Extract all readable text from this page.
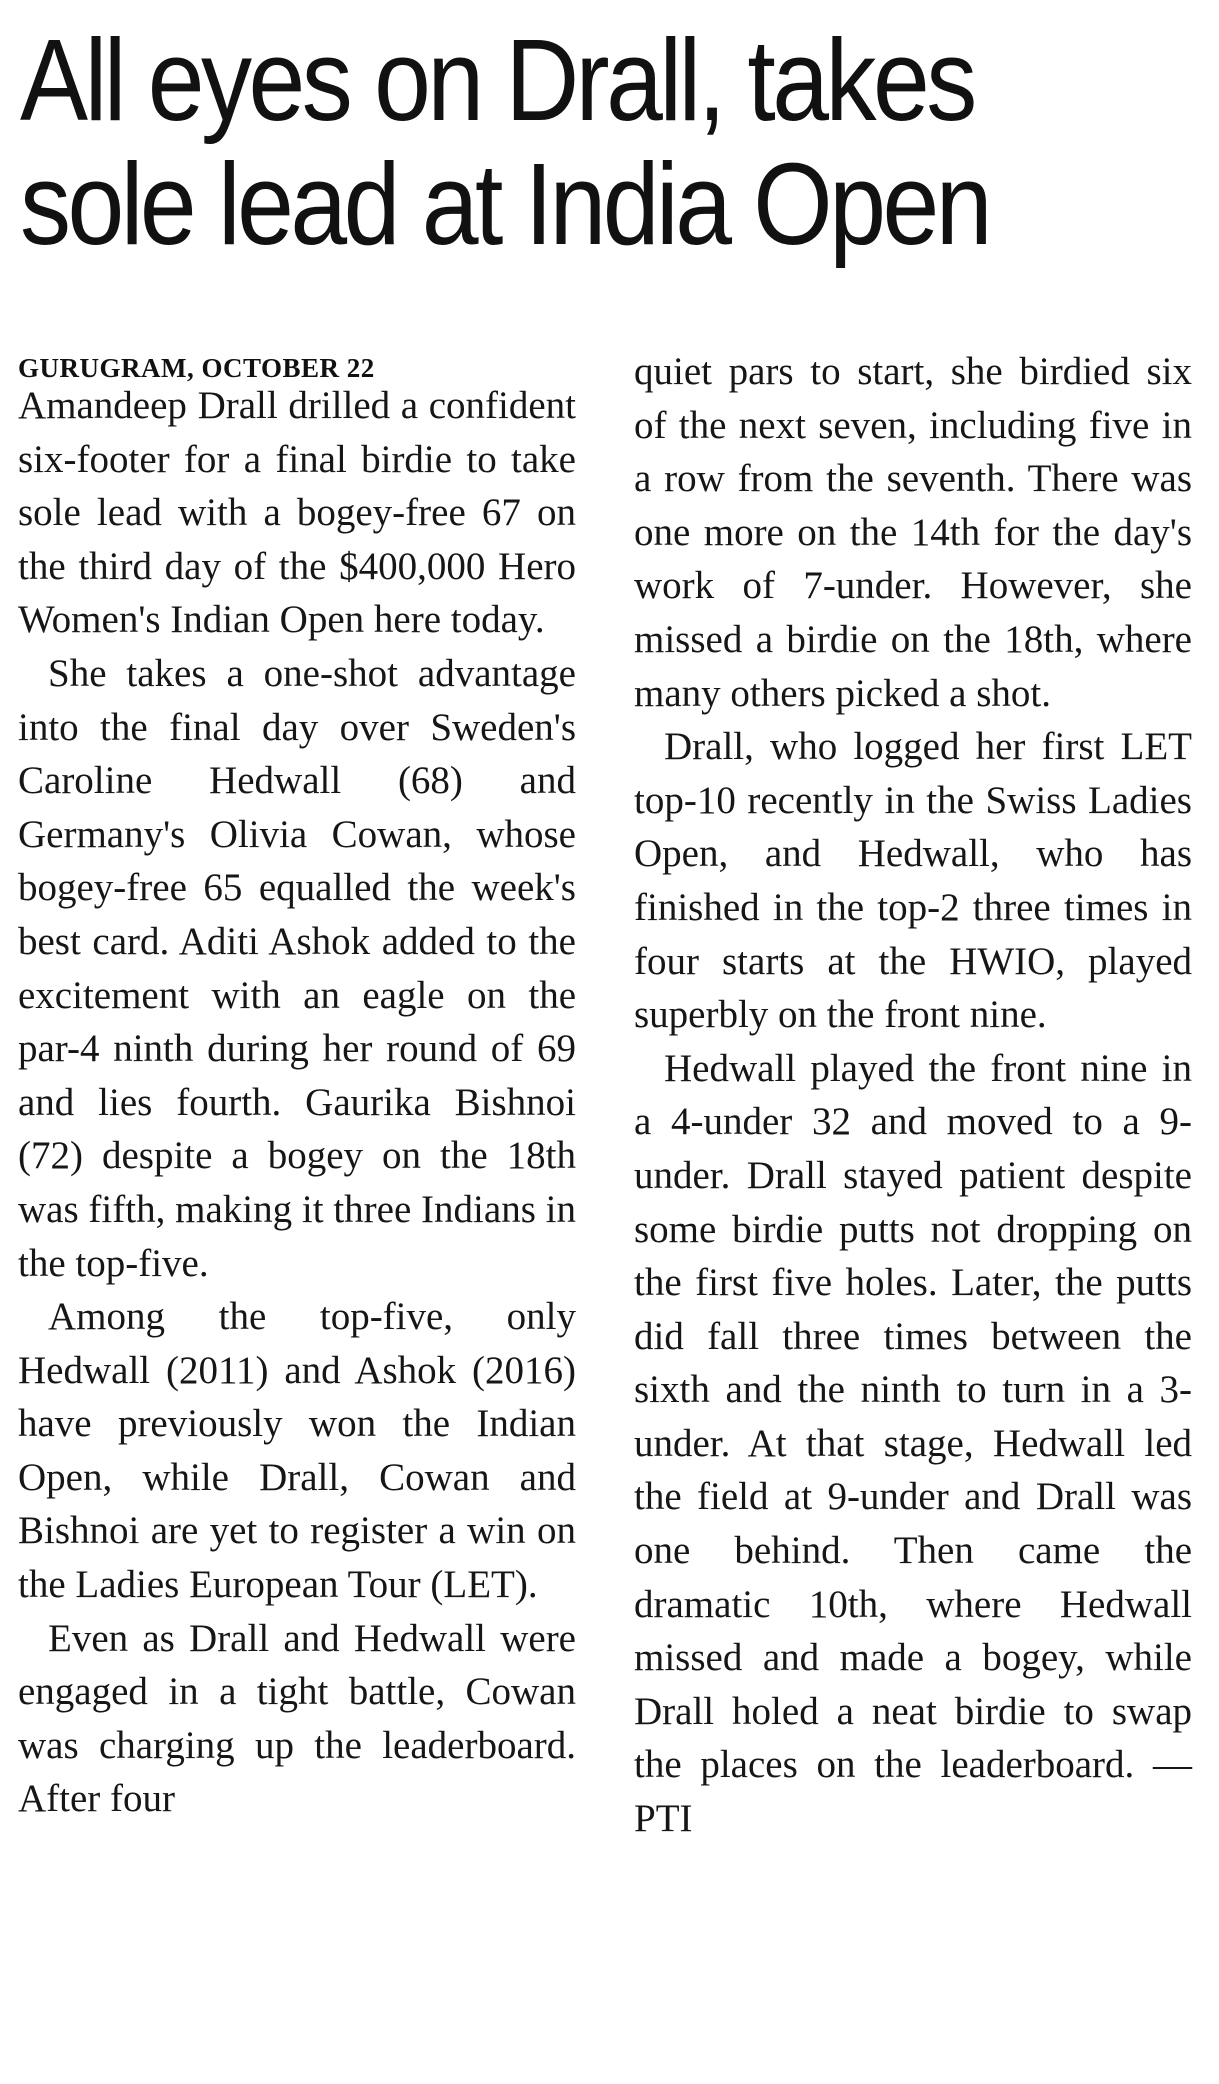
All eyes on Drall, takes
sole lead at India Open
GURUGRAM, OCTOBER 22

Amandeep Drall drilled a confident six-footer for a final birdie to take sole lead with a bogey-free 67 on the third day of the $400,000 Hero Women's Indian Open here today.

She takes a one-shot advantage into the final day over Sweden's Caroline Hedwall (68) and Germany's Olivia Cowan, whose bogey-free 65 equalled the week's best card. Aditi Ashok added to the excitement with an eagle on the par-4 ninth during her round of 69 and lies fourth. Gaurika Bishnoi (72) despite a bogey on the 18th was fifth, making it three Indians in the top-five.

Among the top-five, only Hedwall (2011) and Ashok (2016) have previously won the Indian Open, while Drall, Cowan and Bishnoi are yet to register a win on the Ladies European Tour (LET).

Even as Drall and Hedwall were engaged in a tight battle, Cowan was charging up the leaderboard. After four

quiet pars to start, she birdied six of the next seven, including five in a row from the seventh. There was one more on the 14th for the day's work of 7-under. However, she missed a birdie on the 18th, where many others picked a shot.

Drall, who logged her first LET top-10 recently in the Swiss Ladies Open, and Hedwall, who has finished in the top-2 three times in four starts at the HWIO, played superbly on the front nine.

Hedwall played the front nine in a 4-under 32 and moved to a 9-under. Drall stayed patient despite some birdie putts not dropping on the first five holes. Later, the putts did fall three times between the sixth and the ninth to turn in a 3-under. At that stage, Hedwall led the field at 9-under and Drall was one behind. Then came the dramatic 10th, where Hedwall missed and made a bogey, while Drall holed a neat birdie to swap the places on the leaderboard. — PTI
